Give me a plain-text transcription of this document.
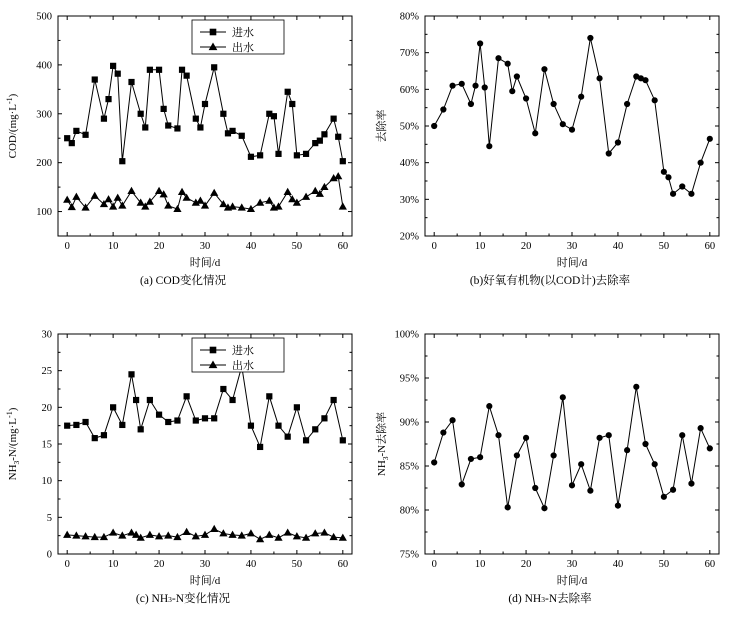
0	10	20	30	40	50	60
100
200
300
400
500
时间/d
COD/$(mg\cdot L^{-1})$
进水
出水
(a) COD变化情况
0	10	20	30	40	50	60
20%
30%
40%
50%
60%
70%
80%
时间/d
去除率
(b)好氧有机物(以COD计)去除率
0	10	20	30	40	50	60
0
5
10
15
20
25
30
时间/d
$NH_3-N/(mg\cdot L^{-1})$
进水
出水
(c) NH3-N变化情况
0	10	20	30	40	50	60
75%
80%
85%
90%
95%
100%
时间/d
$NH_3-N$去除率
(d) NH3-N去除率
